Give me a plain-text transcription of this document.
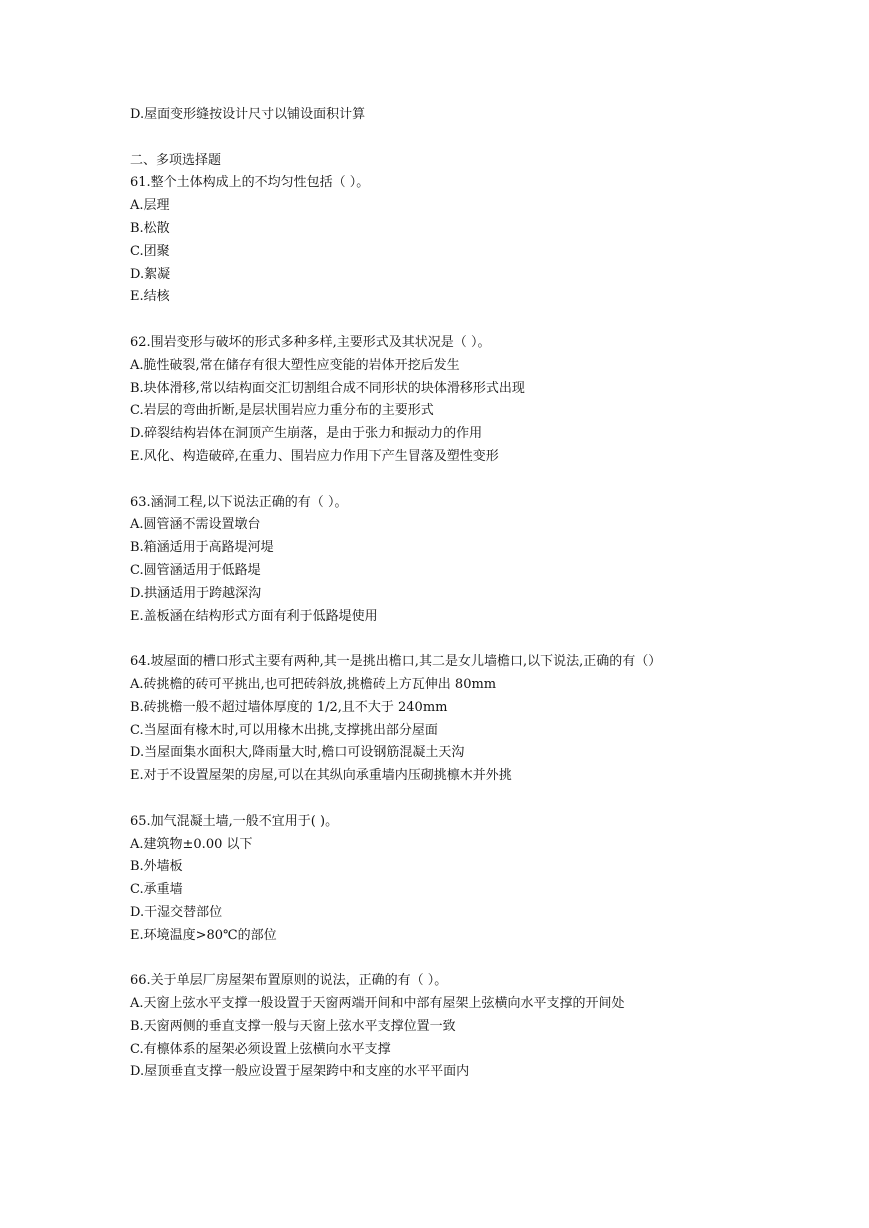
D.屋面变形缝按设计尺寸以铺设面积计算

二、多项选择题

61.整个土体构成上的不均匀性包括（ ）。

A.层理

B.松散

C.团聚

D.絮凝

E.结核

62.围岩变形与破坏的形式多种多样,主要形式及其状况是（ ）。

A.脆性破裂,常在储存有很大塑性应变能的岩体开挖后发生

B.块体滑移,常以结构面交汇切割组合成不同形状的块体滑移形式出现

C.岩层的弯曲折断,是层状围岩应力重分布的主要形式

D.碎裂结构岩体在洞顶产生崩落，是由于张力和振动力的作用

E.风化、构造破碎,在重力、围岩应力作用下产生冒落及塑性变形

63.涵洞工程,以下说法正确的有（ ）。

A.圆管涵不需设置墩台

B.箱涵适用于高路堤河堤

C.圆管涵适用于低路堤

D.拱涵适用于跨越深沟

E.盖板涵在结构形式方面有利于低路堤使用

64.坡屋面的槽口形式主要有两种,其一是挑出檐口,其二是女儿墙檐口,以下说法,正确的有（）

A.砖挑檐的砖可平挑出,也可把砖斜放,挑檐砖上方瓦伸出 80mm

B.砖挑檐一般不超过墙体厚度的 1/2,且不大于 240mm

C.当屋面有椽木时,可以用椽木出挑,支撑挑出部分屋面

D.当屋面集水面积大,降雨量大时,檐口可设钢筋混凝土天沟

E.对于不设置屋架的房屋,可以在其纵向承重墙内压砌挑檩木并外挑

65.加气混凝土墙,一般不宜用于( )。

A.建筑物±0.00 以下

B.外墙板

C.承重墙

D.干湿交替部位

E.环境温度>80℃的部位

66.关于单层厂房屋架布置原则的说法，正确的有（ ）。

A.天窗上弦水平支撑一般设置于天窗两端开间和中部有屋架上弦横向水平支撑的开间处

B.天窗两侧的垂直支撑一般与天窗上弦水平支撑位置一致

C.有檩体系的屋架必须设置上弦横向水平支撑

D.屋顶垂直支撑一般应设置于屋架跨中和支座的水平平面内
